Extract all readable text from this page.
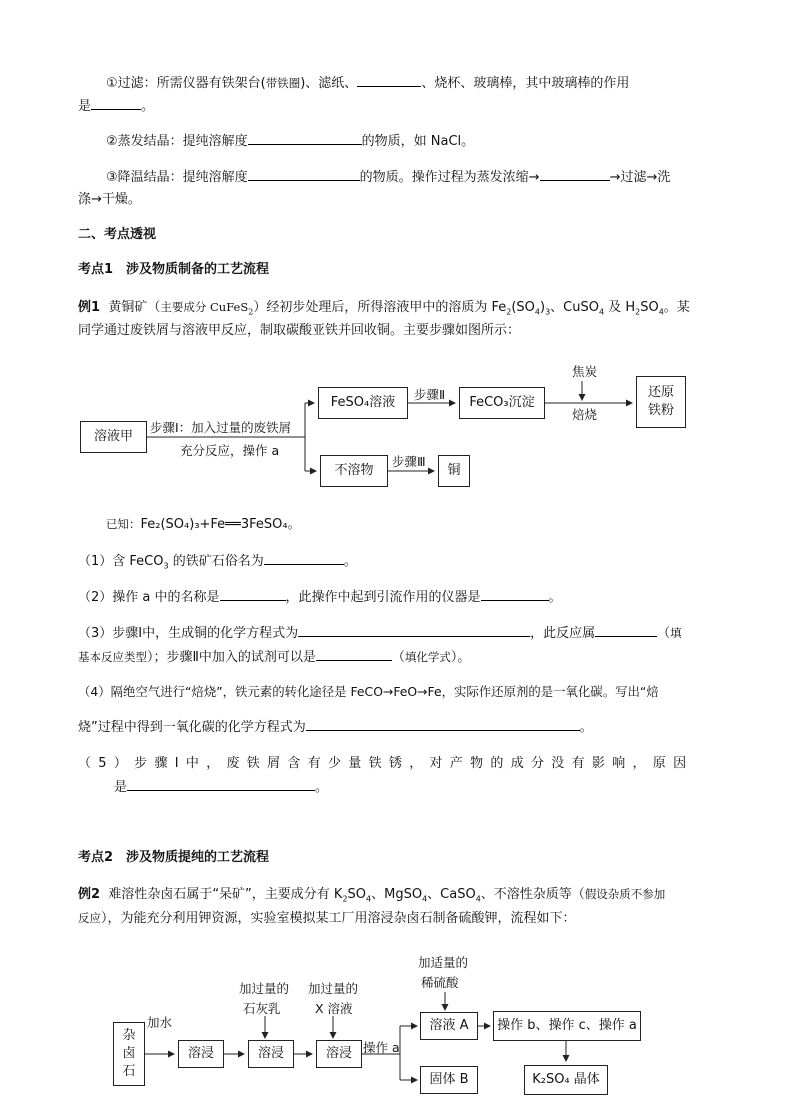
①过滤：所需仪器有铁架台(带铁圈)、滤纸、	、烧杯、玻璃棒，其中玻璃棒的作用
是	。
②蒸发结晶：提纯溶解度	的物质，如 NaCl。
③降温结晶：提纯溶解度	的物质。操作过程为蒸发浓缩→	→过滤→洗
涤→干燥。
二、考点透视
考点1　涉及物质制备的工艺流程
例1 黄铜矿（主要成分 CuFeS$_2$）经初步处理后，所得溶液甲中的溶质为 $Fe_2(SO_4)_3$、CuSO$_4$ 及 $H_2SO_4$。某
同学通过废铁屑与溶液甲反应，制取碳酸亚铁并回收铜。主要步骤如图所示：
溶液甲
步骤Ⅰ：加入过量的废铁屑
充分反应，操作 a
FeSO₄溶液
步骤Ⅱ
FeCO₃沉淀
焦炭
焙烧
还原
铁粉
不溶物
步骤Ⅲ
铜
已知：Fe₂(SO₄)₃+Fe══3FeSO₄。
（1）含 FeCO$_3$ 的铁矿石俗名为	。
（2）操作 a 中的名称是	，此操作中起到引流作用的仪器是	。
（3）步骤Ⅰ中，生成铜的化学方程式为	，此反应属	（填
基本反应类型）；步骤Ⅱ中加入的试剂可以是	（填化学式）。
（4）隔绝空气进行“焙烧”，铁元素的转化途径是 FeCO→FeO→Fe，实际作还原剂的是一氧化碳。写出“焙
烧”过程中得到一氧化碳的化学方程式为	。
（5）步骤Ⅰ中，废铁屑含有少量铁锈，对产物的成分没有影响，原因
是	。
考点2　涉及物质提纯的工艺流程
例2 难溶性杂卤石属于“呆矿”，主要成分有 $K_2SO_4$、MgSO$_4$、CaSO$_4$、不溶性杂质等（假设杂质不参加
反应），为能充分利用钾资源，实验室模拟某工厂用溶浸杂卤石制备硫酸钾，流程如下：
杂
卤
石
加水
溶浸
加过量的
石灰乳
溶浸
加过量的
X 溶液
溶浸 操作 a
加适量的
稀硫酸
溶液 A	操作 b、操作 c、操作 a
固体 B	K₂SO₄ 晶体
